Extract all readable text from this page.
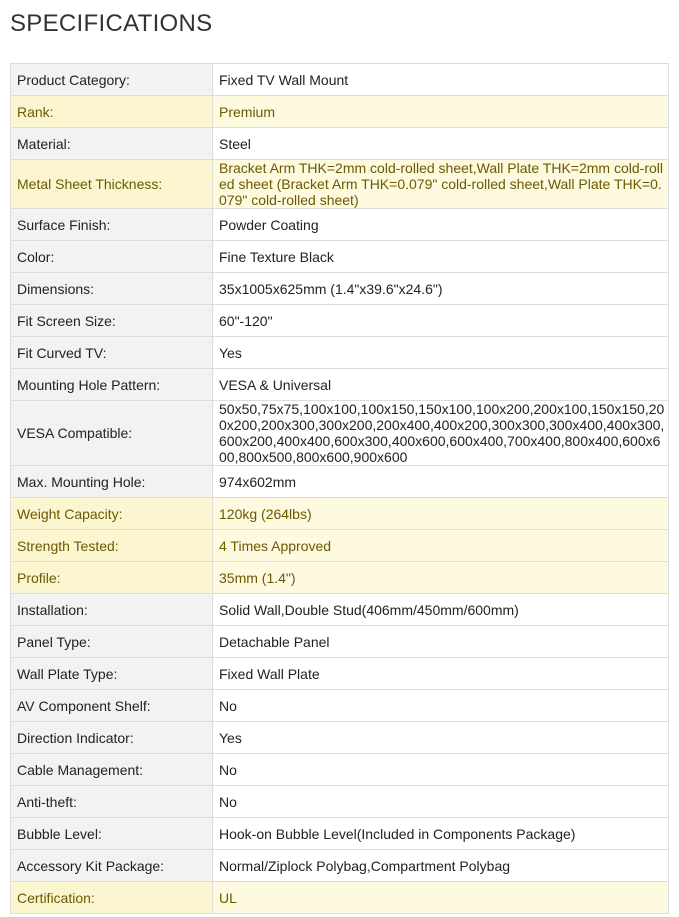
SPECIFICATIONS
Product Category:	Fixed TV Wall Mount
Rank:	Premium
Material:	Steel
Metal Sheet Thickness:	Bracket Arm THK=2mm cold-rolled sheet,Wall Plate THK=2mm cold-rolled sheet (Bracket Arm THK=0.079" cold-rolled sheet,Wall Plate THK=0.079" cold-rolled sheet)
Surface Finish:	Powder Coating
Color:	Fine Texture Black
Dimensions:	35x1005x625mm (1.4"x39.6"x24.6")
Fit Screen Size:	60"-120"
Fit Curved TV:	Yes
Mounting Hole Pattern:	VESA & Universal
VESA Compatible:	50x50,75x75,100x100,100x150,150x100,100x200,200x100,150x150,200x200,200x300,300x200,200x400,400x200,300x300,300x400,400x300,600x200,400x400,600x300,400x600,600x400,700x400,800x400,600x600,800x500,800x600,900x600
Max. Mounting Hole:	974x602mm
Weight Capacity:	120kg (264lbs)
Strength Tested:	4 Times Approved
Profile:	35mm (1.4")
Installation:	Solid Wall,Double Stud(406mm/450mm/600mm)
Panel Type:	Detachable Panel
Wall Plate Type:	Fixed Wall Plate
AV Component Shelf:	No
Direction Indicator:	Yes
Cable Management:	No
Anti-theft:	No
Bubble Level:	Hook-on Bubble Level(Included in Components Package)
Accessory Kit Package:	Normal/Ziplock Polybag,Compartment Polybag
Certification:	UL
